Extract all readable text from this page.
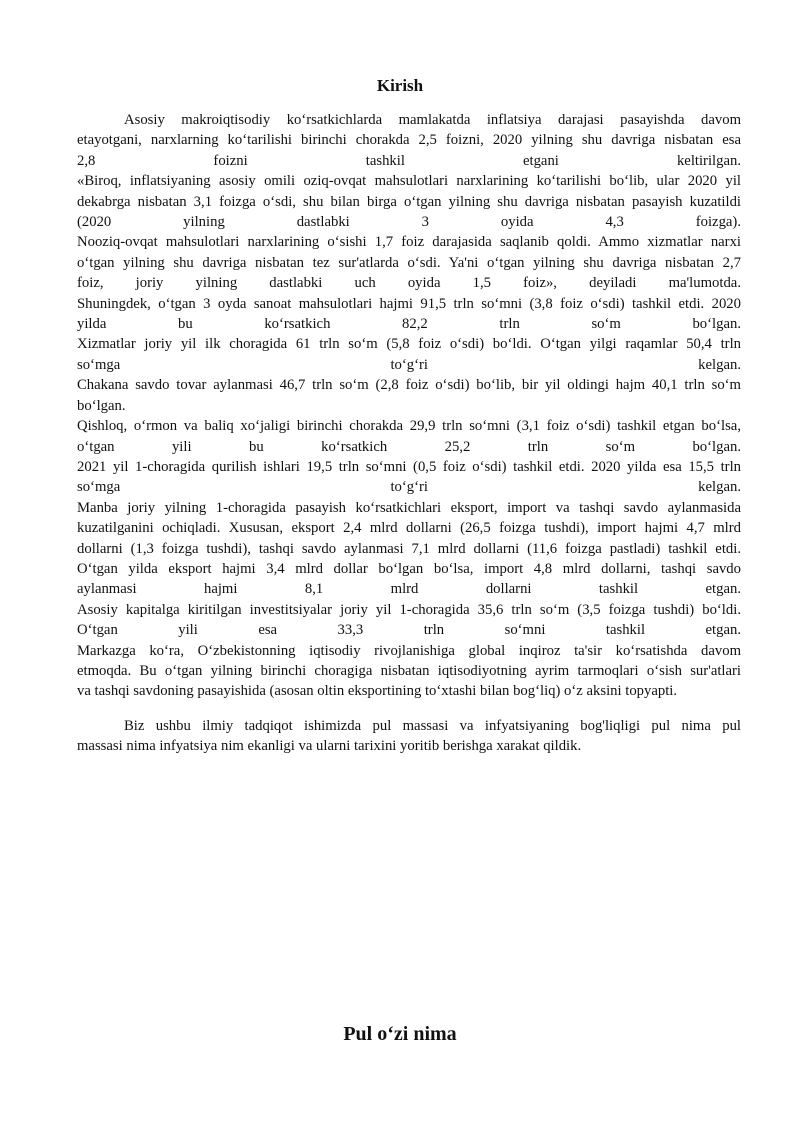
Kirish
Asosiy makroiqtisodiy ko‘rsatkichlarda mamlakatda inflatsiya darajasi pasayishda davom
etayotgani, narxlarning ko‘tarilishi birinchi chorakda 2,5 foizni, 2020 yilning shu davriga nisbatan esa
2,8 foizni tashkil etgani keltirilgan.
«Biroq, inflatsiyaning asosiy omili oziq-ovqat mahsulotlari narxlarining ko‘tarilishi bo‘lib, ular 2020 yil
dekabrga nisbatan 3,1 foizga o‘sdi, shu bilan birga o‘tgan yilning shu davriga nisbatan pasayish kuzatildi
(2020 yilning dastlabki 3 oyida 4,3 foizga).
Nooziq-ovqat mahsulotlari narxlarining o‘sishi 1,7 foiz darajasida saqlanib qoldi. Ammo xizmatlar narxi
o‘tgan yilning shu davriga nisbatan tez sur'atlarda o‘sdi. Ya'ni o‘tgan yilning shu davriga nisbatan 2,7
foiz, joriy yilning dastlabki uch oyida 1,5 foiz», deyiladi ma'lumotda.
Shuningdek, o‘tgan 3 oyda sanoat mahsulotlari hajmi 91,5 trln so‘mni (3,8 foiz o‘sdi) tashkil etdi. 2020
yilda bu ko‘rsatkich 82,2 trln so‘m bo‘lgan.
Xizmatlar joriy yil ilk choragida 61 trln so‘m (5,8 foiz o‘sdi) bo‘ldi. O‘tgan yilgi raqamlar 50,4 trln
so‘mga to‘g‘ri kelgan.
Chakana savdo tovar aylanmasi 46,7 trln so‘m (2,8 foiz o‘sdi) bo‘lib, bir yil oldingi hajm 40,1 trln so‘m
bo‘lgan.
Qishloq, o‘rmon va baliq xo‘jaligi birinchi chorakda 29,9 trln so‘mni (3,1 foiz o‘sdi) tashkil etgan bo‘lsa,
o‘tgan yili bu ko‘rsatkich 25,2 trln so‘m bo‘lgan.
2021 yil 1-choragida qurilish ishlari 19,5 trln so‘mni (0,5 foiz o‘sdi) tashkil etdi. 2020 yilda esa 15,5 trln
so‘mga to‘g‘ri kelgan.
Manba joriy yilning 1-choragida pasayish ko‘rsatkichlari eksport, import va tashqi savdo aylanmasida
kuzatilganini ochiqladi. Xususan, eksport 2,4 mlrd dollarni (26,5 foizga tushdi), import hajmi 4,7 mlrd
dollarni (1,3 foizga tushdi), tashqi savdo aylanmasi 7,1 mlrd dollarni (11,6 foizga pastladi) tashkil etdi.
O‘tgan yilda eksport hajmi 3,4 mlrd dollar bo‘lgan bo‘lsa, import 4,8 mlrd dollarni, tashqi savdo
aylanmasi hajmi 8,1 mlrd dollarni tashkil etgan.
Asosiy kapitalga kiritilgan investitsiyalar joriy yil 1-choragida 35,6 trln so‘m (3,5 foizga tushdi) bo‘ldi.
O‘tgan yili esa 33,3 trln so‘mni tashkil etgan.
Markazga ko‘ra, O‘zbekistonning iqtisodiy rivojlanishiga global inqiroz ta'sir ko‘rsatishda davom
etmoqda. Bu o‘tgan yilning birinchi choragiga nisbatan iqtisodiyotning ayrim tarmoqlari o‘sish sur'atlari
va tashqi savdoning pasayishida (asosan oltin eksportining to‘xtashi bilan bog‘liq) o‘z aksini topyapti.
Biz ushbu ilmiy tadqiqot ishimizda pul massasi va infyatsiyaning bog'liqligi pul nima pul
massasi nima infyatsiya nim ekanligi va ularni tarixini yoritib berishga xarakat qildik.
Pul o‘zi nima
